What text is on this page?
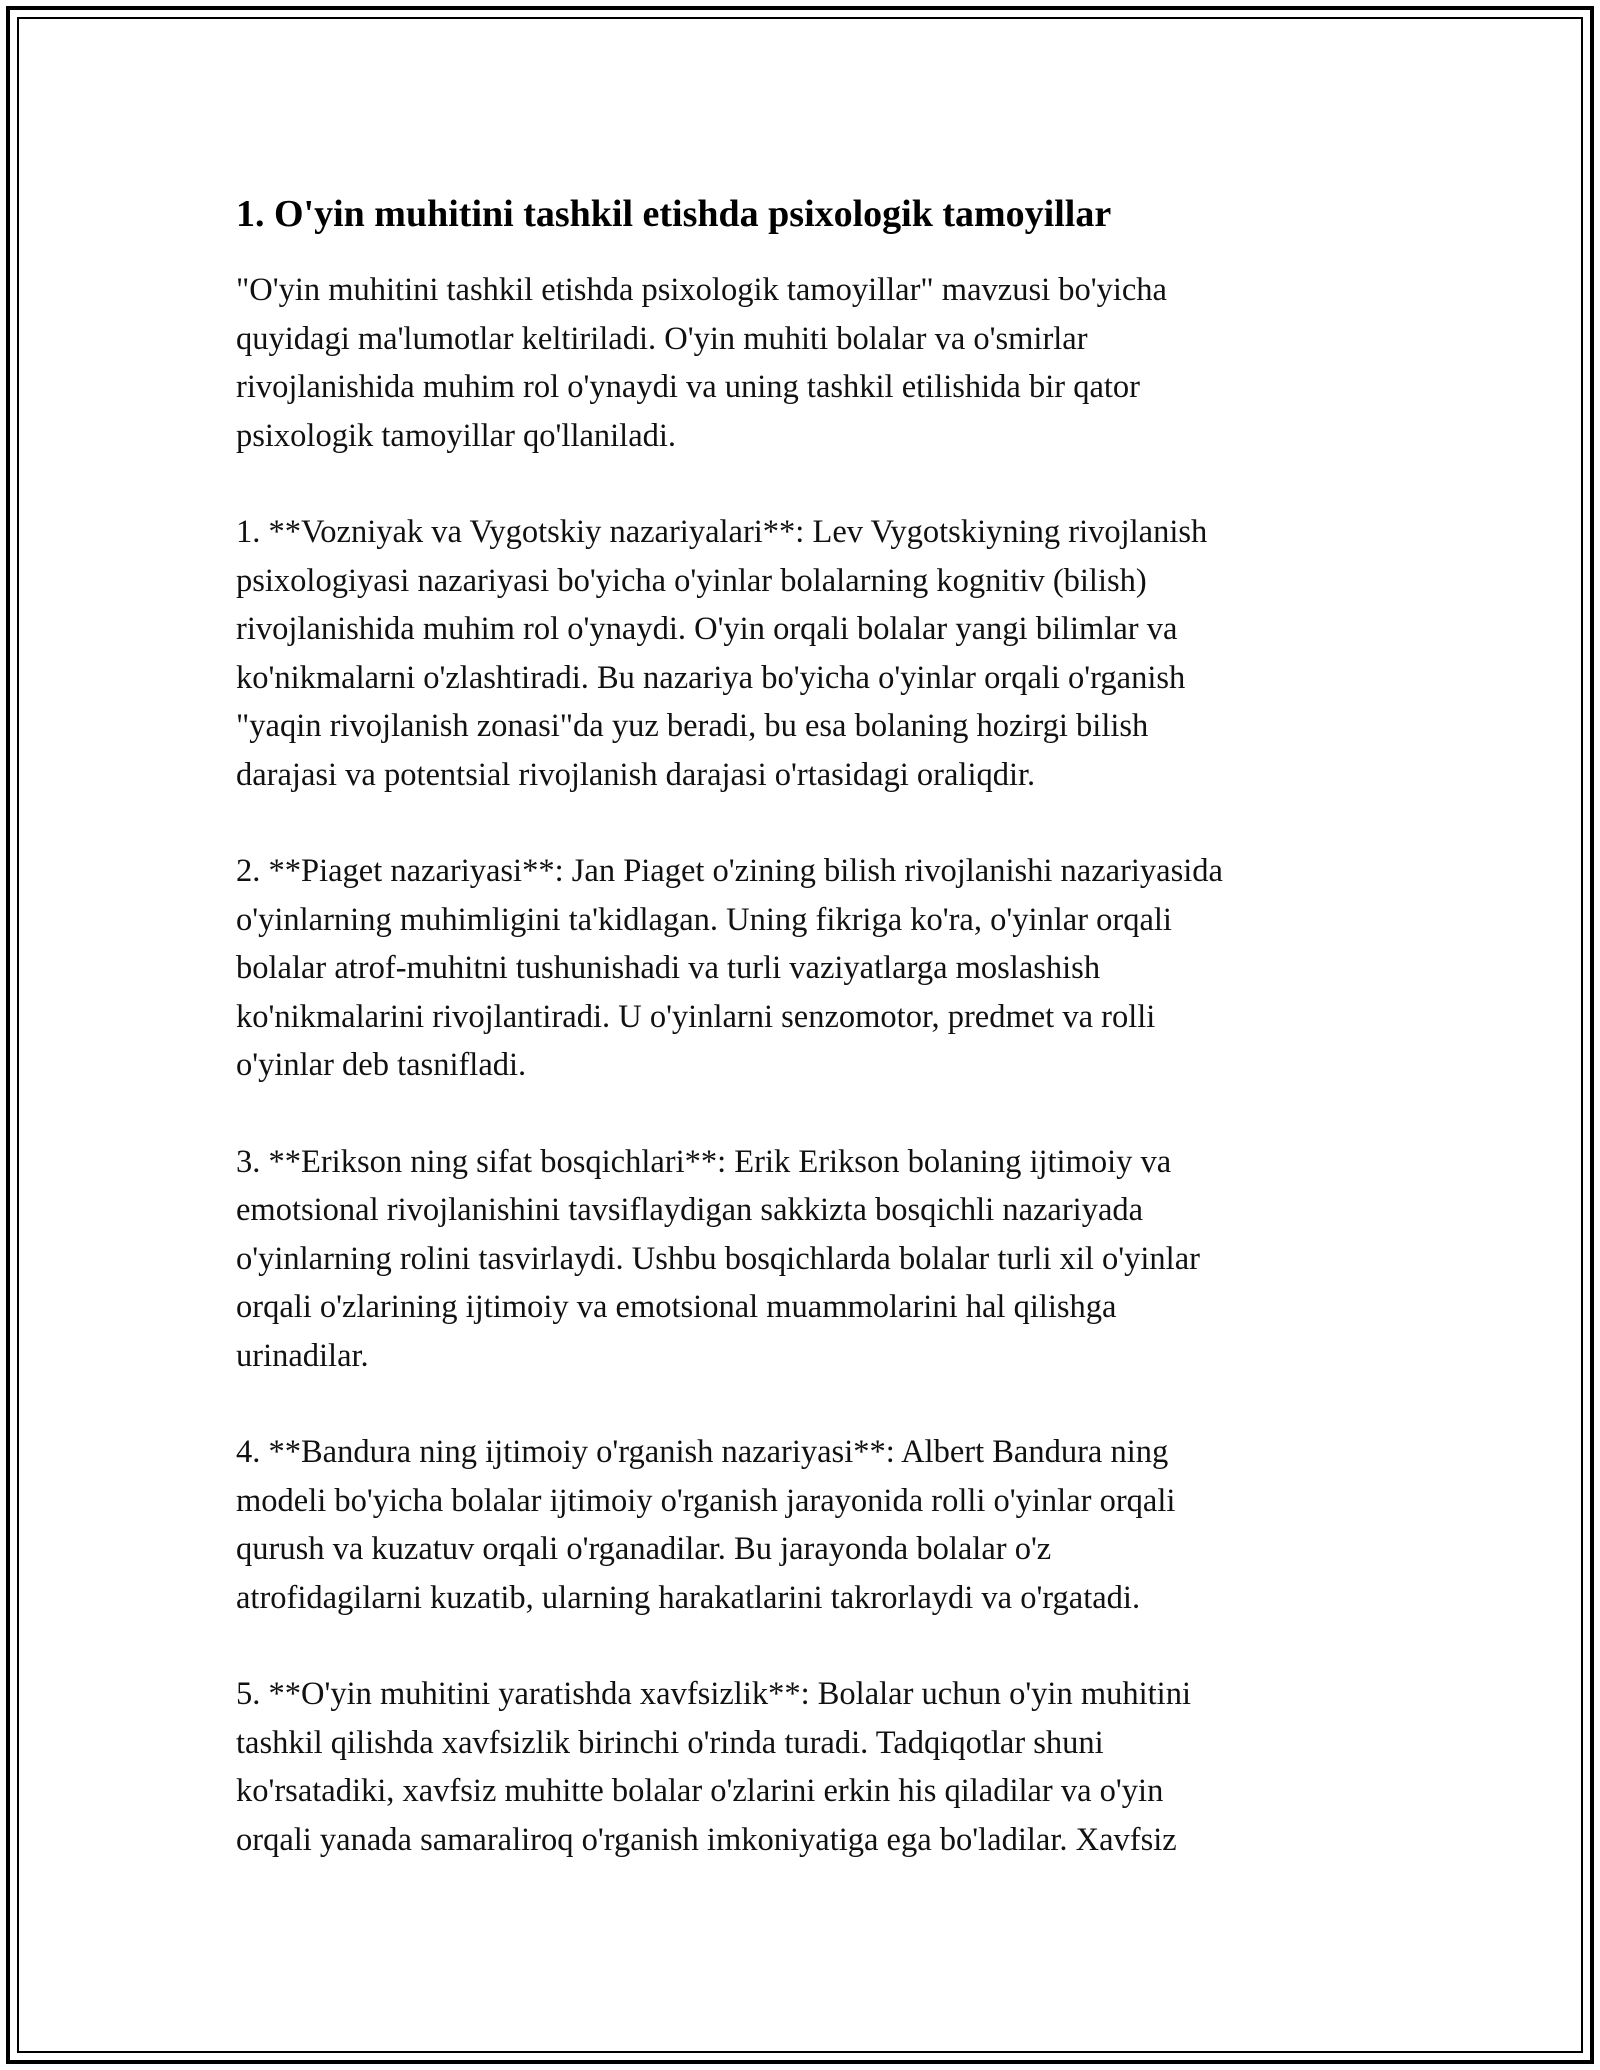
1. O'yin muhitini tashkil etishda psixologik tamoyillar

"O'yin muhitini tashkil etishda psixologik tamoyillar" mavzusi bo'yicha
quyidagi ma'lumotlar keltiriladi. O'yin muhiti bolalar va o'smirlar
rivojlanishida muhim rol o'ynaydi va uning tashkil etilishida bir qator
psixologik tamoyillar qo'llaniladi.

1. **Vozniyak va Vygotskiy nazariyalari**: Lev Vygotskiyning rivojlanish
psixologiyasi nazariyasi bo'yicha o'yinlar bolalarning kognitiv (bilish)
rivojlanishida muhim rol o'ynaydi. O'yin orqali bolalar yangi bilimlar va
ko'nikmalarni o'zlashtiradi. Bu nazariya bo'yicha o'yinlar orqali o'rganish
"yaqin rivojlanish zonasi"da yuz beradi, bu esa bolaning hozirgi bilish
darajasi va potentsial rivojlanish darajasi o'rtasidagi oraliqdir.

2. **Piaget nazariyasi**: Jan Piaget o'zining bilish rivojlanishi nazariyasida
o'yinlarning muhimligini ta'kidlagan. Uning fikriga ko'ra, o'yinlar orqali
bolalar atrof-muhitni tushunishadi va turli vaziyatlarga moslashish
ko'nikmalarini rivojlantiradi. U o'yinlarni senzomotor, predmet va rolli
o'yinlar deb tasnifladi.

3. **Erikson ning sifat bosqichlari**: Erik Erikson bolaning ijtimoiy va
emotsional rivojlanishini tavsiflaydigan sakkizta bosqichli nazariyada
o'yinlarning rolini tasvirlaydi. Ushbu bosqichlarda bolalar turli xil o'yinlar
orqali o'zlarining ijtimoiy va emotsional muammolarini hal qilishga
urinadilar.

4. **Bandura ning ijtimoiy o'rganish nazariyasi**: Albert Bandura ning
modeli bo'yicha bolalar ijtimoiy o'rganish jarayonida rolli o'yinlar orqali
qurush va kuzatuv orqali o'rganadilar. Bu jarayonda bolalar o'z
atrofidagilarni kuzatib, ularning harakatlarini takrorlaydi va o'rgatadi.

5. **O'yin muhitini yaratishda xavfsizlik**: Bolalar uchun o'yin muhitini
tashkil qilishda xavfsizlik birinchi o'rinda turadi. Tadqiqotlar shuni
ko'rsatadiki, xavfsiz muhitte bolalar o'zlarini erkin his qiladilar va o'yin
orqali yanada samaraliroq o'rganish imkoniyatiga ega bo'ladilar. Xavfsiz
